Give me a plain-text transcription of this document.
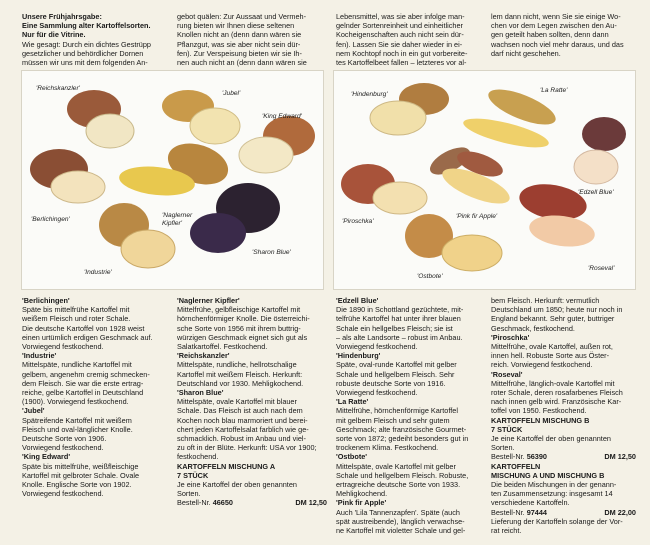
Unsere Frühjahrsgabe:

Eine Sammlung alter Kartoffelsorten.

Nur für die Vitrine.

Wie gesagt: Durch ein dichtes Gestrüpp

gesetzlicher und behördlicher Dornen

müssen wir uns mit dem folgenden An-

gebot quälen: Zur Aussaat und Vermeh-

rung bieten wir Ihnen diese seltenen

Knollen nicht an (denn dann wären sie

Pflanzgut, was sie aber nicht sein dür-

fen). Zur Verspeisung bieten wir sie Ih-

nen auch nicht an (denn dann wären sie

Lebensmittel, was sie aber infolge man-

gelnder Sortenreinheit und einheitlicher

Kocheigenschaften auch nicht sein dür-

fen). Lassen Sie sie daher wieder in ei-

nem Kochtopf noch in ein gut vorbereite-

tes Kartoffelbeet fallen – letzteres vor al-

lem dann nicht, wenn Sie sie einige Wo-

chen vor dem Legen zwischen den Au-

gen geteilt haben sollten, denn dann

wachsen noch viel mehr daraus, und das

darf nicht geschehen.

'Reichskanzler'
'Jubel'
'King Edward'
'Berlichingen'
'Naglerner Kipfler'
'Industrie'
'Sharon Blue'
'Hindenburg'
'La Ratte'
'Edzell Blue'
'Piroschka'
'Pink fir Apple'
'Ostbote'
'Roseval'

'Berlichingen'

Späte bis mittelfrühe Kartoffel mit

weißem Fleisch und roter Schale.

Die deutsche Kartoffel von 1928 weist

einen urtümlich erdigen Geschmack auf.

Vorwiegend festkochend.

'Industrie'

Mittelspäte, rundliche Kartoffel mit

gelbem, angenehm cremig schmecken-

dem Fleisch. Sie war die erste ertrag-

reiche, gelbe Kartoffel in Deutschland

(1900). Vorwiegend festkochend.

'Jubel'

Spätreifende Kartoffel mit weißem

Fleisch und oval-länglicher Knolle.

Deutsche Sorte von 1906.

Vorwiegend festkochend.

'King Edward'

Späte bis mittelfrühe, weißfleischige

Kartoffel mit gelbroter Schale. Ovale

Knolle. Englische Sorte von 1902.

Vorwiegend festkochend.

'Naglerner Kipfler'

Mittelfrühe, gelbfleischige Kartoffel mit

hörnchenförmiger Knolle. Die österreichi-

sche Sorte von 1956 mit ihrem buttrig-

würzigen Geschmack eignet sich gut als

Salatkartoffel. Festkochend.

'Reichskanzler'

Mittelspäte, rundliche, hellrotschalige

Kartoffel mit weißem Fleisch. Herkunft:

Deutschland vor 1930. Mehligkochend.

'Sharon Blue'

Mittelspäte, ovale Kartoffel mit blauer

Schale. Das Fleisch ist auch nach dem

Kochen noch blau marmoriert und berei-

chert jeden Kartoffelsalat farblich wie ge-

schmacklich. Robust im Anbau und viel-

zu oft in der Blüte. Herkunft: USA vor 1900;

festkochend.

KARTOFFELN MISCHUNG A

7 STÜCK

Je eine Kartoffel der oben genannten

Sorten.

Bestell-Nr. 46650	DM 12,50

'Edzell Blue'

Die 1890 in Schottland gezüchtete, mit-

telfrühe Kartoffel hat unter ihrer blauen

Schale ein hellgelbes Fleisch; sie ist

– als alte Landsorte – robust im Anbau.

Vorwiegend festkochend.

'Hindenburg'

Späte, oval-runde Kartoffel mit gelber

Schale und hellgelbem Fleisch. Sehr

robuste deutsche Sorte von 1916.

Vorwiegend festkochend.

'La Ratte'

Mittelfrühe, hörnchenförmige Kartoffel

mit gelbem Fleisch und sehr gutem

Geschmack; alte französische Gourmet-

sorte von 1872; gedeiht besonders gut in

trockenem Klima. Festkochend.

'Ostbote'

Mittelspäte, ovale Kartoffel mit gelber

Schale und hellgelbem Fleisch. Robuste,

ertragreiche deutsche Sorte von 1933.

Mehligkochend.

'Pink fir Apple'

Auch 'Lila Tannenzapfen'. Späte (auch

spät austreibende), länglich verwachse-

ne Kartoffel mit violetter Schale und gel-

bem Fleisch. Herkunft: vermutlich

Deutschland um 1850; heute nur noch in

England bekannt. Sehr guter, buttriger

Geschmack, festkochend.

'Piroschka'

Mittelfrühe, ovale Kartoffel, außen rot,

innen hell. Robuste Sorte aus Öster-

reich. Vorwiegend festkochend.

'Roseval'

Mittelfrühe, länglich-ovale Kartoffel mit

roter Schale, deren rosafarbenes Fleisch

nach innen gelb wird. Französische Kar-

toffel von 1950. Festkochend.

KARTOFFELN MISCHUNG B

7 STÜCK

Je eine Kartoffel der oben genannten

Sorten.

Bestell-Nr. 56390	DM 12,50

KARTOFFELN

MISCHUNG A UND MISCHUNG B

Die beiden Mischungen in der genann-

ten Zusammensetzung: insgesamt 14

verschiedene Kartoffeln.

Bestell-Nr. 97444	DM 22,00

Lieferung der Kartoffeln solange der Vor-

rat reicht.
